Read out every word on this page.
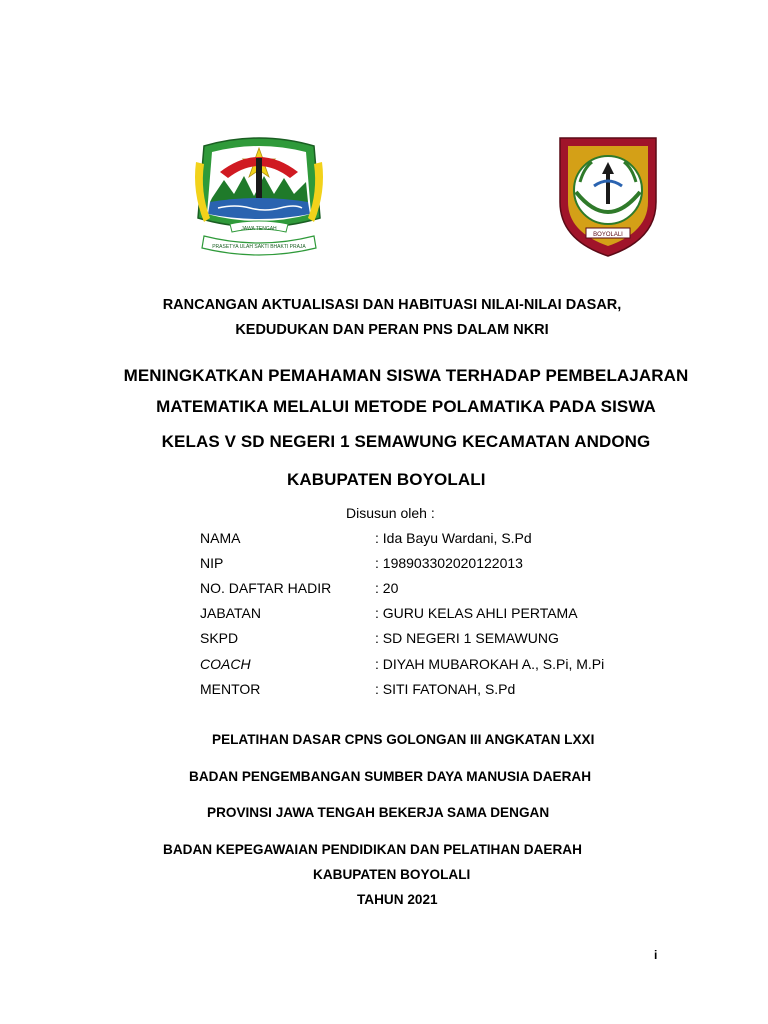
JAWA TENGAH
PRASETYA ULAH SAKTI BHAKTI PRAJA
BOYOLALI
RANCANGAN AKTUALISASI DAN HABITUASI NILAI-NILAI DASAR,
KEDUDUKAN DAN PERAN PNS DALAM NKRI
MENINGKATKAN PEMAHAMAN SISWA TERHADAP PEMBELAJARAN
MATEMATIKA MELALUI METODE POLAMATIKA PADA SISWA
KELAS V SD NEGERI 1 SEMAWUNG KECAMATAN ANDONG
KABUPATEN BOYOLALI
Disusun oleh :
NAMA	: Ida Bayu Wardani, S.Pd
NIP	: 198903302020122013
NO. DAFTAR HADIR	: 20
JABATAN	: GURU KELAS AHLI PERTAMA
SKPD	: SD NEGERI 1 SEMAWUNG
COACH	: DIYAH MUBAROKAH A., S.Pi, M.Pi
MENTOR	: SITI FATONAH, S.Pd
PELATIHAN DASAR CPNS GOLONGAN III ANGKATAN LXXI
BADAN PENGEMBANGAN SUMBER DAYA MANUSIA DAERAH
PROVINSI JAWA TENGAH BEKERJA SAMA DENGAN
BADAN KEPEGAWAIAN PENDIDIKAN DAN PELATIHAN DAERAH
KABUPATEN BOYOLALI
TAHUN 2021
i
